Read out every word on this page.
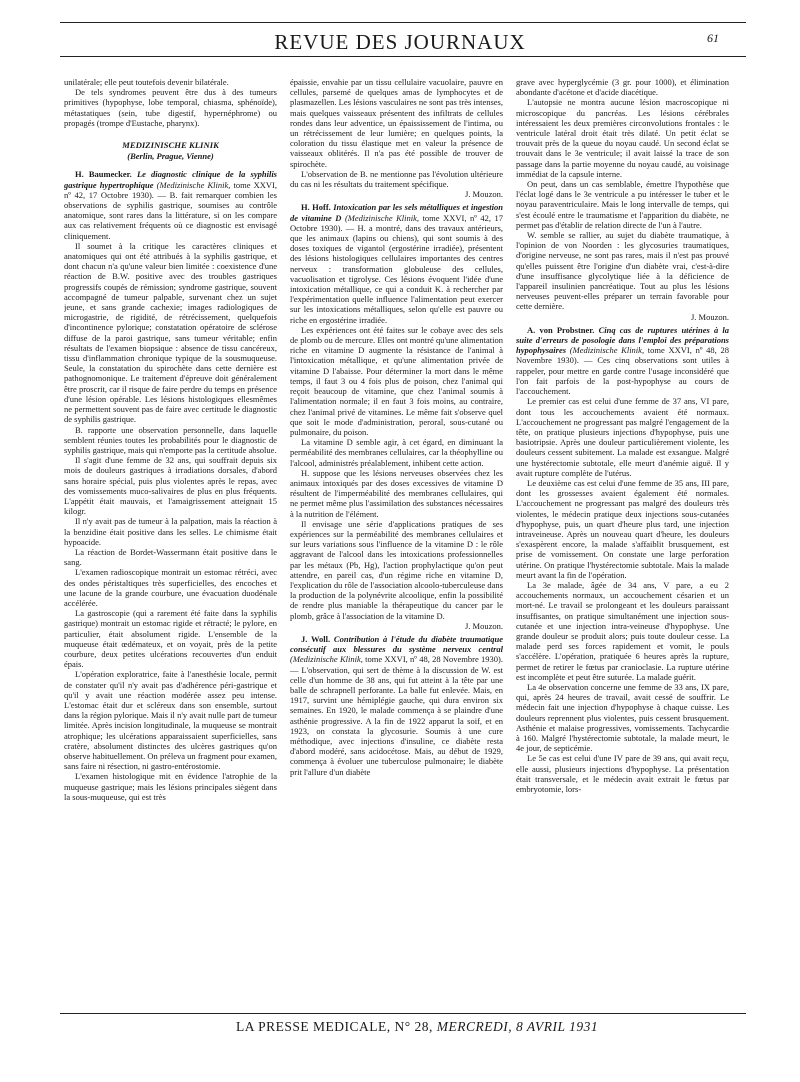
REVUE DES JOURNAUX	61

unilatérale; elle peut toutefois devenir bilatérale.

De tels syndromes peuvent être dus à des tumeurs primitives (hypophyse, lobe temporal, chiasma, sphénoïde), métastatiques (sein, tube digestif, hypernéphrome) ou propagés (trompe d'Eustache, pharynx).

MEDIZINISCHE KLINIK
(Berlin, Prague, Vienne)

H. Baumecker. Le diagnostic clinique de la syphilis gastrique hypertrophique (Medizinische Klinik, tome XXVI, nº 42, 17 Octobre 1930). — B. fait remarquer combien les observations de syphilis gastrique, soumises au contrôle anatomique, sont rares dans la littérature, si on les compare aux cas relativement fréquents où ce diagnostic est envisagé cliniquement.

Il soumet à la critique les caractères cliniques et anatomiques qui ont été attribués à la syphilis gastrique, et dont chacun n'a qu'une valeur bien limitée : coexistence d'une réaction de B.W. positive avec des troubles gastriques progressifs coupés de rémission; syndrome gastrique, souvent accompagné de tumeur palpable, survenant chez un sujet jeune, et sans grande cachexie; images radiologiques de microgastrie, de rigidité, de rétrécissement, quelquefois d'incontinence pylorique; constatation opératoire de sclérose diffuse de la paroi gastrique, sans tumeur véritable; enfin résultats de l'examen biopsique : absence de tissu cancéreux, tissu d'inflammation chronique typique de la sousmuqueuse. Seule, la constatation du spirochète dans cette dernière est pathognomonique. Le traitement d'épreuve doit généralement être proscrit, car il risque de faire perdre du temps en présence d'une lésion opérable. Les lésions histologiques ellesmêmes ne permettent souvent pas de faire avec certitude le diagnostic de syphilis gastrique.

B. rapporte une observation personnelle, dans laquelle semblent réunies toutes les probabilités pour le diagnostic de syphilis gastrique, mais qui n'emporte pas la certitude absolue.

Il s'agit d'une femme de 32 ans, qui souffrait depuis six mois de douleurs gastriques à irradiations dorsales, d'abord sans horaire spécial, puis plus violentes après le repas, avec des vomissements muco-salivaires de plus en plus fréquents. L'appétit était mauvais, et l'amaigrissement atteignait 15 kilogr.

Il n'y avait pas de tumeur à la palpation, mais la réaction à la benzidine était positive dans les selles. Le chimisme était hypoacide.

La réaction de Bordet-Wassermann était positive dans le sang.

L'examen radioscopique montrait un estomac rétréci, avec des ondes péristaltiques très superficielles, des encoches et une lacune de la grande courbure, une évacuation duodénale accélérée.

La gastroscopie (qui a rarement été faite dans la syphilis gastrique) montrait un estomac rigide et rétracté; le pylore, en particulier, était absolument rigide. L'ensemble de la muqueuse était œdémateux, et on voyait, près de la petite courbure, deux petites ulcérations recouvertes d'un enduit épais.

L'opération exploratrice, faite à l'anesthésie locale, permit de constater qu'il n'y avait pas d'adhérence péri-gastrique et qu'il y avait une réaction modérée assez peu intense. L'estomac était dur et scléreux dans son ensemble, surtout dans la région pylorique. Mais il n'y avait nulle part de tumeur limitée. Après incision longitudinale, la muqueuse se montrait atrophique; les ulcérations apparaissaient superficielles, sans cratère, absolument distinctes des ulcères gastriques qu'on observe habituellement. On préleva un fragment pour examen, sans faire ni résection, ni gastro-entérostomie.

L'examen histologique mit en évidence l'atrophie de la muqueuse gastrique; mais les lésions principales siègent dans la sous-muqueuse, qui est très

épaissie, envahie par un tissu cellulaire vacuolaire, pauvre en cellules, parsemé de quelques amas de lymphocytes et de plasmazellen. Les lésions vasculaires ne sont pas très intenses, mais quelques vaisseaux présentent des infiltrats de cellules rondes dans leur adventice, un épaississement de l'intima, ou un rétrécissement de leur lumière; en quelques points, la coloration du tissu élastique met en valeur la présence de vaisseaux oblitérés. Il n'a pas été possible de trouver de spirochète.

L'observation de B. ne mentionne pas l'évolution ultérieure du cas ni les résultats du traitement spécifique.

J. Mouzon.

H. Hoff. Intoxication par les sels métalliques et ingestion de vitamine D (Medizinische Klinik, tome XXVI, nº 42, 17 Octobre 1930). — H. a montré, dans des travaux antérieurs, que les animaux (lapins ou chiens), qui sont soumis à des doses toxiques de vigantol (ergostérine irradiée), présentent des lésions histologiques cellulaires importantes des centres nerveux : transformation globuleuse des cellules, vacuolisation et tigrolyse. Ces lésions évoquent l'idée d'une intoxication métallique, ce qui a conduit K. à rechercher par l'expérimentation quelle influence l'alimentation peut exercer sur les intoxications métalliques, selon qu'elle est pauvre ou riche en ergostérine irradiée.

Les expériences ont été faites sur le cobaye avec des sels de plomb ou de mercure. Elles ont montré qu'une alimentation riche en vitamine D augmente la résistance de l'animal à l'intoxication métallique, et qu'une alimentation privée de vitamine D l'abaisse. Pour déterminer la mort dans le même temps, il faut 3 ou 4 fois plus de poison, chez l'animal qui reçoit beaucoup de vitamine, que chez l'animal soumis à l'alimentation normale; il en faut 3 fois moins, au contraire, chez l'animal privé de vitamines. Le même fait s'observe quel que soit le mode d'administration, peroral, sous-cutané ou pulmonaire, du poison.

La vitamine D semble agir, à cet égard, en diminuant la perméabilité des membranes cellulaires, car la théophylline ou l'alcool, administrés préalablement, inhibent cette action.

H. suppose que les lésions nerveuses observées chez les animaux intoxiqués par des doses excessives de vitamine D résultent de l'imperméabilité des membranes cellulaires, qui ne permet même plus l'assimilation des substances nécessaires à la nutrition de l'élément.

Il envisage une série d'applications pratiques de ses expériences sur la perméabilité des membranes cellulaires et sur leurs variations sous l'influence de la vitamine D : le rôle aggravant de l'alcool dans les intoxications professionnelles par les métaux (Pb, Hg), l'action prophylactique qu'on peut attendre, en pareil cas, d'un régime riche en vitamine D, l'explication du rôle de l'association alcoolo-tuberculeuse dans la production de la polynévrite alcoolique, enfin la possibilité de rendre plus maniable la thérapeutique du cancer par le plomb, grâce à l'association de la vitamine D.

J. Mouzon.

J. Woll. Contribution à l'étude du diabète traumatique consécutif aux blessures du système nerveux central (Medizinische Klinik, tome XXVI, nº 48, 28 Novembre 1930). — L'observation, qui sert de thème à la discussion de W. est celle d'un homme de 38 ans, qui fut atteint à la tête par une balle de schrapnell perforante. La balle fut enlevée. Mais, en 1917, survint une hémiplégie gauche, qui dura environ six semaines. En 1920, le malade commença à se plaindre d'une asthénie progressive. A la fin de 1922 apparut la soif, et en 1923, on constata la glycosurie. Soumis à une cure méthodique, avec injections d'insuline, ce diabète resta d'abord modéré, sans acidocétose. Mais, au début de 1929, commença à évoluer une tuberculose pulmonaire; le diabète prit l'allure d'un diabète

grave avec hyperglycémie (3 gr. pour 1000), et élimination abondante d'acétone et d'acide diacétique.

L'autopsie ne montra aucune lésion macroscopique ni microscopique du pancréas. Les lésions cérébrales intéressaient les deux premières circonvolutions frontales : le ventricule latéral droit était très dilaté. Un petit éclat se trouvait près de la queue du noyau caudé. Un second éclat se trouvait dans le 3e ventricule; il avait laissé la trace de son passage dans la partie moyenne du noyau caudé, au voisinage immédiat de la capsule interne.

On peut, dans un cas semblable, émettre l'hypothèse que l'éclat logé dans le 3e ventricule a pu intéresser le tuber et le noyau paraventriculaire. Mais le long intervalle de temps, qui s'est écoulé entre le traumatisme et l'apparition du diabète, ne permet pas d'établir de relation directe de l'un à l'autre.

W. semble se rallier, au sujet du diabète traumatique, à l'opinion de von Noorden : les glycosuries traumatiques, d'origine nerveuse, ne sont pas rares, mais il n'est pas prouvé qu'elles puissent être l'origine d'un diabète vrai, c'est-à-dire d'une insuffisance glycolytique liée à la déficience de l'appareil insulinien pancréatique. Tout au plus les lésions nerveuses peuvent-elles préparer un terrain favorable pour cette dernière.

J. Mouzon.

A. von Probstner. Cinq cas de ruptures utérines à la suite d'erreurs de posologie dans l'emploi des préparations hypophysaires (Medizinische Klinik, tome XXVI, nº 48, 28 Novembre 1930). — Ces cinq observations sont utiles à rappeler, pour mettre en garde contre l'usage inconsidéré que l'on fait parfois de la post-hypophyse au cours de l'accouchement.

Le premier cas est celui d'une femme de 37 ans, VI pare, dont tous les accouchements avaient été normaux. L'accouchement ne progressant pas malgré l'engagement de la tête, on pratique plusieurs injections d'hypophyse, puis une basiotripsie. Après une douleur particulièrement violente, les douleurs cessent subitement. La malade est exsangue. Malgré une hystérectomie subtotale, elle meurt d'anémie aiguë. Il y avait rupture complète de l'utérus.

Le deuxième cas est celui d'une femme de 35 ans, III pare, dont les grossesses avaient également été normales. L'accouchement ne progressant pas malgré des douleurs très violentes, le médecin pratique deux injections sous-cutanées d'hypophyse, puis, un quart d'heure plus tard, une injection intraveineuse. Après un nouveau quart d'heure, les douleurs s'exaspèrent encore, la malade s'affaiblit brusquement, est prise de vomissement. On constate une large perforation utérine. On pratique l'hystérectomie subtotale. Mais la malade meurt avant la fin de l'opération.

La 3e malade, âgée de 34 ans, V pare, a eu 2 accouchements normaux, un accouchement césarien et un mort-né. Le travail se prolongeant et les douleurs paraissant insuffisantes, on pratique simultanément une injection sous-cutanée et une injection intra-veineuse d'hypophyse. Une grande douleur se produit alors; puis toute douleur cesse. La malade perd ses forces rapidement et vomit, le pouls s'accélère. L'opération, pratiquée 6 heures après la rupture, permet de retirer le fœtus par cranioclasie. La rupture utérine est incomplète et peut être suturée. La malade guérit.

La 4e observation concerne une femme de 33 ans, IX pare, qui, après 24 heures de travail, avait cessé de souffrir. Le médecin fait une injection d'hypophyse à chaque cuisse. Les douleurs reprennent plus violentes, puis cessent brusquement. Asthénie et malaise progressives, vomissements. Tachycardie à 160. Malgré l'hystérectomie subtotale, la malade meurt, le 4e jour, de septicémie.

Le 5e cas est celui d'une IV pare de 39 ans, qui avait reçu, elle aussi, plusieurs injections d'hypophyse. La présentation était transversale, et le médecin avait extrait le fœtus par embryotomie, lors-

LA PRESSE MEDICALE, N° 28, MERCREDI, 8 AVRIL 1931
